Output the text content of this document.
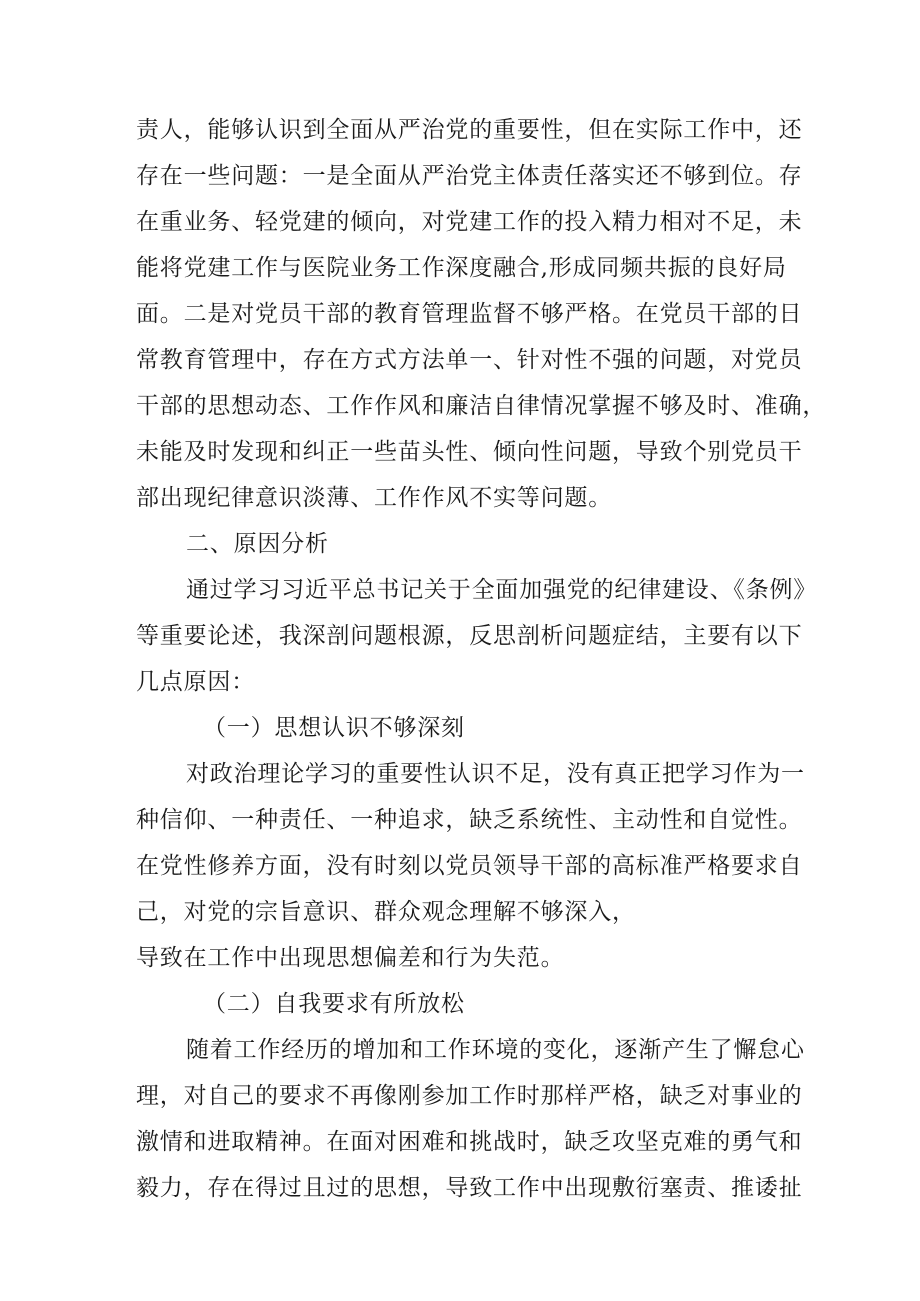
责人，能够认识到全面从严治党的重要性，但在实际工作中，还
存在一些问题：一是全面从严治党主体责任落实还不够到位。存
在重业务、轻党建的倾向，对党建工作的投入精力相对不足，未
能将党建工作与医院业务工作深度融合,形成同频共振的良好局
面。二是对党员干部的教育管理监督不够严格。在党员干部的日
常教育管理中，存在方式方法单一、针对性不强的问题，对党员
干部的思想动态、工作作风和廉洁自律情况掌握不够及时、准确，
未能及时发现和纠正一些苗头性、倾向性问题，导致个别党员干
部出现纪律意识淡薄、工作作风不实等问题。
二、原因分析
通过学习习近平总书记关于全面加强党的纪律建设、《条例》
等重要论述，我深剖问题根源，反思剖析问题症结，主要有以下
几点原因：
（一）思想认识不够深刻
对政治理论学习的重要性认识不足，没有真正把学习作为一
种信仰、一种责任、一种追求，缺乏系统性、主动性和自觉性。
在党性修养方面，没有时刻以党员领导干部的高标准严格要求自
己，对党的宗旨意识、群众观念理解不够深入，
导致在工作中出现思想偏差和行为失范。
（二）自我要求有所放松
随着工作经历的增加和工作环境的变化，逐渐产生了懈怠心
理，对自己的要求不再像刚参加工作时那样严格，缺乏对事业的
激情和进取精神。在面对困难和挑战时，缺乏攻坚克难的勇气和
毅力，存在得过且过的思想，导致工作中出现敷衍塞责、推诿扯
